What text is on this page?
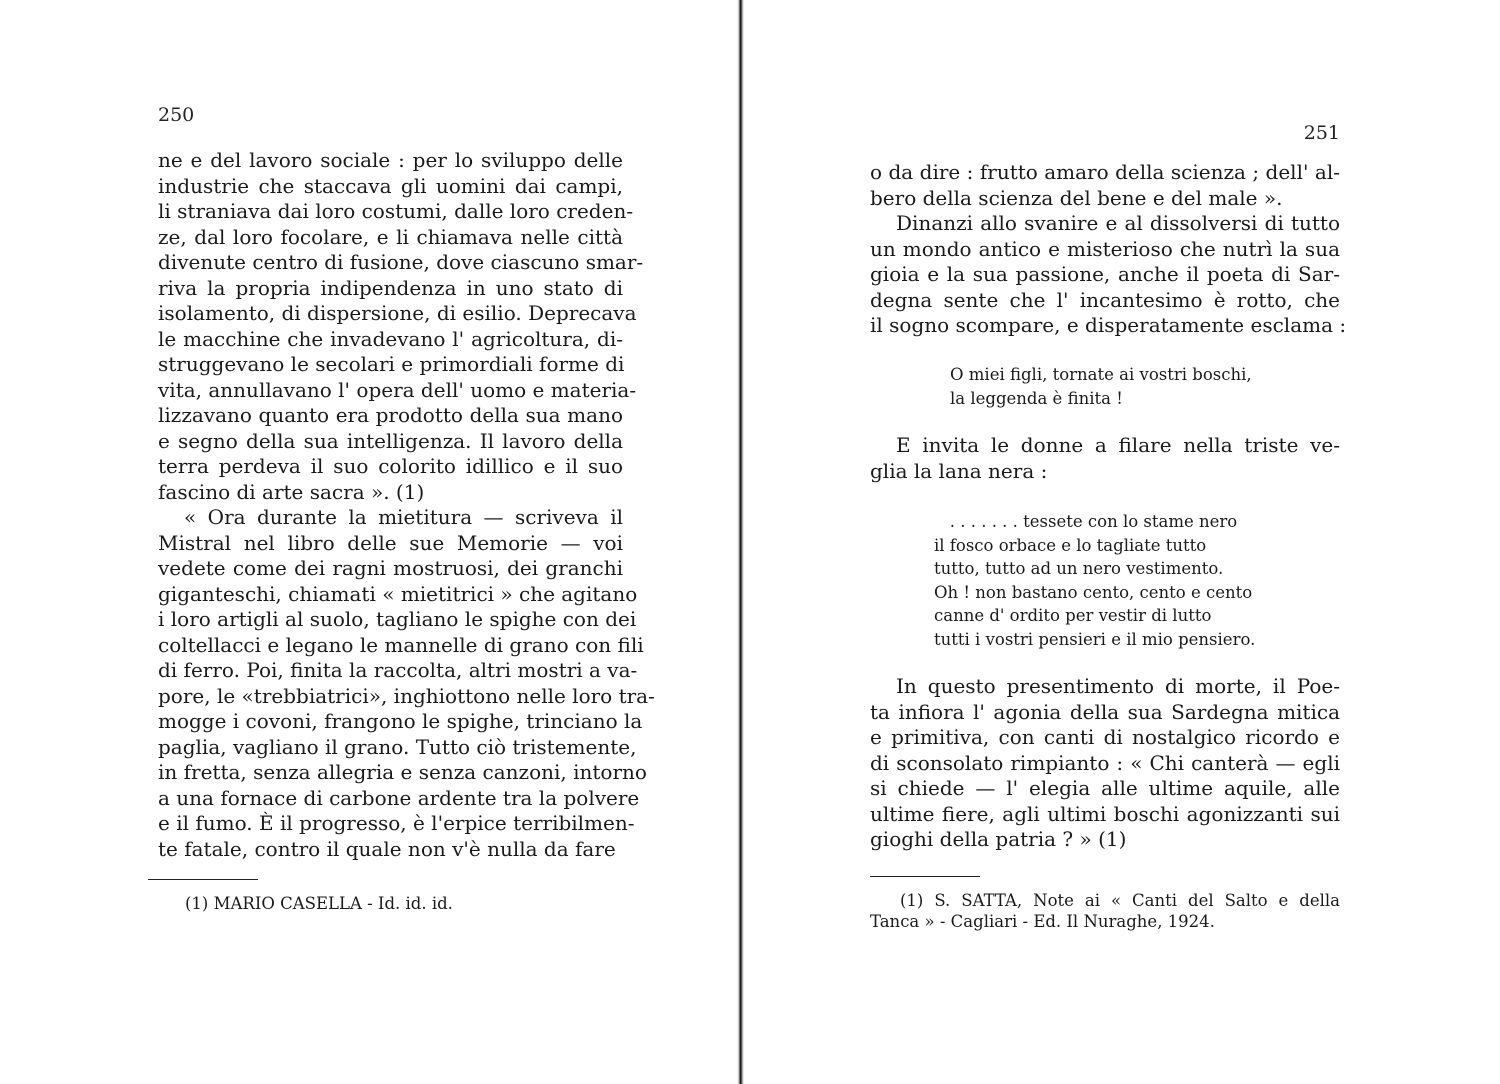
250
ne e del lavoro sociale : per lo sviluppo delle
industrie che staccava gli uomini dai campi,
li straniava dai loro costumi, dalle loro creden-
ze, dal loro focolare, e li chiamava nelle città
divenute centro di fusione, dove ciascuno smar-
riva la propria indipendenza in uno stato di
isolamento, di dispersione, di esilio. Deprecava
le macchine che invadevano l' agricoltura, di-
struggevano le secolari e primordiali forme di
vita, annullavano l' opera dell' uomo e materia-
lizzavano quanto era prodotto della sua mano
e segno della sua intelligenza. Il lavoro della
terra perdeva il suo colorito idillico e il suo
fascino di arte sacra ». (1)
« Ora durante la mietitura — scriveva il
Mistral nel libro delle sue Memorie — voi
vedete come dei ragni mostruosi, dei granchi
giganteschi, chiamati « mietitrici » che agitano
i loro artigli al suolo, tagliano le spighe con dei
coltellacci e legano le mannelle di grano con fili
di ferro. Poi, finita la raccolta, altri mostri a va-
pore, le «trebbiatrici», inghiottono nelle loro tra-
mogge i covoni, frangono le spighe, trinciano la
paglia, vagliano il grano. Tutto ciò tristemente,
in fretta, senza allegria e senza canzoni, intorno
a una fornace di carbone ardente tra la polvere
e il fumo. È il progresso, è l'erpice terribilmen-
te fatale, contro il quale non v'è nulla da fare
(1) MARIO CASELLA - Id. id. id.
251
o da dire : frutto amaro della scienza ; dell' al-
bero della scienza del bene e del male ».
Dinanzi allo svanire e al dissolversi di tutto
un mondo antico e misterioso che nutrì la sua
gioia e la sua passione, anche il poeta di Sar-
degna sente che l' incantesimo è rotto, che
il sogno scompare, e disperatamente esclama :
O miei figli, tornate ai vostri boschi,
la leggenda è finita !
E invita le donne a filare nella triste ve-
glia la lana nera :
. . . . . . . tessete con lo stame nero
il fosco orbace e lo tagliate tutto
tutto, tutto ad un nero vestimento.
Oh ! non bastano cento, cento e cento
canne d' ordito per vestir di lutto
tutti i vostri pensieri e il mio pensiero.
In questo presentimento di morte, il Poe-
ta infiora l' agonia della sua Sardegna mitica
e primitiva, con canti di nostalgico ricordo e
di sconsolato rimpianto : « Chi canterà — egli
si chiede — l' elegia alle ultime aquile, alle
ultime fiere, agli ultimi boschi agonizzanti sui
gioghi della patria ? » (1)
(1) S. SATTA, Note ai « Canti del Salto e della
Tanca » - Cagliari - Ed. Il Nuraghe, 1924.
